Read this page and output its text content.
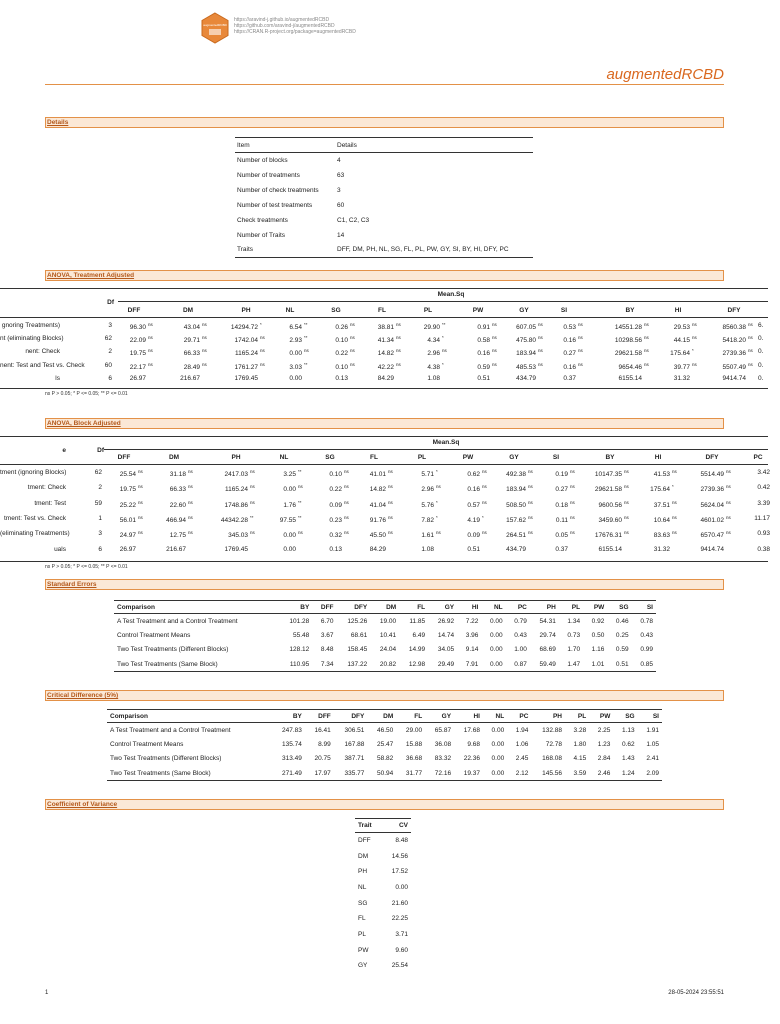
augmentedRCBD
https://aravind-j.github.io/augmentedRCBD
https://github.com/aravind-j/augmentedRCBD
https://CRAN.R-project.org/package=augmentedRCBD
augmentedRCBD
Details
Item	Details
Number of blocks	4
Number of treatments	63
Number of check treatments	3
Number of test treatments	60
Check treatments	C1, C2, C3
Number of Traits	14
Traits	DFF, DM, PH, NL, SG, FL, PL, PW, GY, SI, BY, HI, DFY, PC
ANOVA, Treatment Adjusted
Mean.Sq
Df
DFF	DM	PH	NL	SG	FL	PL	PW	GY	SI	BY	HI	DFY
gnoring Treatments)	3	96.30 ns	43.04 ns	14294.72 *	6.54 **	0.26 ns	38.81 ns	29.90 **	0.91 ns	607.05 ns	0.53 ns	14551.28 ns	29.53 ns	8560.38 ns 6.
nt (eliminating Blocks)	62	22.09 ns	29.71 ns	1742.04 ns	2.93 **	0.10 ns	41.34 ns	4.34 *	0.58 ns	475.80 ns	0.16 ns	10298.56 ns	44.15 ns	5418.20 ns 0.
nent: Check	2	19.75 ns	66.33 ns	1165.24 ns	0.00 ns	0.22 ns	14.82 ns	2.96 ns	0.16 ns	183.94 ns	0.27 ns	29621.58 ns	175.64 *	2739.36 ns 0.
nent: Test and Test vs. Check	60	22.17 ns	28.49 ns	1761.27 ns	3.03 **	0.10 ns	42.22 ns	4.38 *	0.59 ns	485.53 ns	0.16 ns	9654.46 ns	39.77 ns	5507.49 ns 0.
ls	6	26.97	216.67	1769.45	0.00	0.13	84.29	1.08	0.51	434.79	0.37	6155.14	31.32	9414.74	0.
ns P > 0.05; * P <= 0.05; ** P <= 0.01
ANOVA, Block Adjusted
Mean.Sq
Df
e
DFF	DM	PH	NL	SG	FL	PL	PW	GY	SI	BY	HI	DFY	PC
tment (ignoring Blocks)	62	25.54 ns	31.18 ns	2417.03 ns	3.25 **	0.10 ns	41.01 ns	5.71 *	0.62 ns	492.38 ns	0.19 ns	10147.35 ns	41.53 ns	5514.49 ns	3.42
tment: Check	2	19.75 ns	66.33 ns	1165.24 ns	0.00 ns	0.22 ns	14.82 ns	2.96 ns	0.16 ns	183.94 ns	0.27 ns	29621.58 ns	175.64 *	2739.36 ns	0.42
tment: Test	59	25.22 ns	22.60 ns	1748.86 ns	1.76 **	0.09 ns	41.04 ns	5.76 *	0.57 ns	508.50 ns	0.18 ns	9600.56 ns	37.51 ns	5624.04 ns	3.39
tment: Test vs. Check	1	56.01 ns	466.94 ns	44342.28 **	97.55 **	0.23 ns	91.76 ns	7.82 *	4.19 *	157.62 ns	0.11 ns	3459.60 ns	10.64 ns	4601.02 ns	11.17
(eliminating Treatments)	3	24.97 ns	12.75 ns	345.03 ns	0.00 ns	0.32 ns	45.50 ns	1.61 ns	0.09 ns	264.51 ns	0.05 ns	17676.31 ns	83.63 ns	6570.47 ns	0.93
uals	6	26.97	216.67	1769.45	0.00	0.13	84.29	1.08	0.51	434.79	0.37	6155.14	31.32	9414.74	0.38
ns P > 0.05; * P <= 0.05; ** P <= 0.01
Standard Errors
Comparison	BY	DFF	DFY	DM	FL	GY	HI	NL	PC	PH	PL	PW	SG	SI
A Test Treatment and a Control Treatment	101.28	6.70	125.26	19.00	11.85	26.92	7.22	0.00	0.79	54.31	1.34	0.92	0.46	0.78
Control Treatment Means	55.48	3.67	68.61	10.41	6.49	14.74	3.96	0.00	0.43	29.74	0.73	0.50	0.25	0.43
Two Test Treatments (Different Blocks)	128.12	8.48	158.45	24.04	14.99	34.05	9.14	0.00	1.00	68.69	1.70	1.16	0.59	0.99
Two Test Treatments (Same Block)	110.95	7.34	137.22	20.82	12.98	29.49	7.91	0.00	0.87	59.49	1.47	1.01	0.51	0.85
Critical Difference (5%)
Comparison	BY	DFF	DFY	DM	FL	GY	HI	NL	PC	PH	PL	PW	SG	SI
A Test Treatment and a Control Treatment	247.83	16.41	306.51	46.50	29.00	65.87	17.68	0.00	1.94	132.88	3.28	2.25	1.13	1.91
Control Treatment Means	135.74	8.99	167.88	25.47	15.88	36.08	9.68	0.00	1.06	72.78	1.80	1.23	0.62	1.05
Two Test Treatments (Different Blocks)	313.49	20.75	387.71	58.82	36.68	83.32	22.36	0.00	2.45	168.08	4.15	2.84	1.43	2.41
Two Test Treatments (Same Block)	271.49	17.97	335.77	50.94	31.77	72.16	19.37	0.00	2.12	145.56	3.59	2.46	1.24	2.09
Coefficient of Variance
Trait	CV
DFF	8.48
DM	14.56
PH	17.52
NL	0.00
SG	21.60
FL	22.25
PL	3.71
PW	9.60
GY	25.54
1	28-05-2024 23:55:51
